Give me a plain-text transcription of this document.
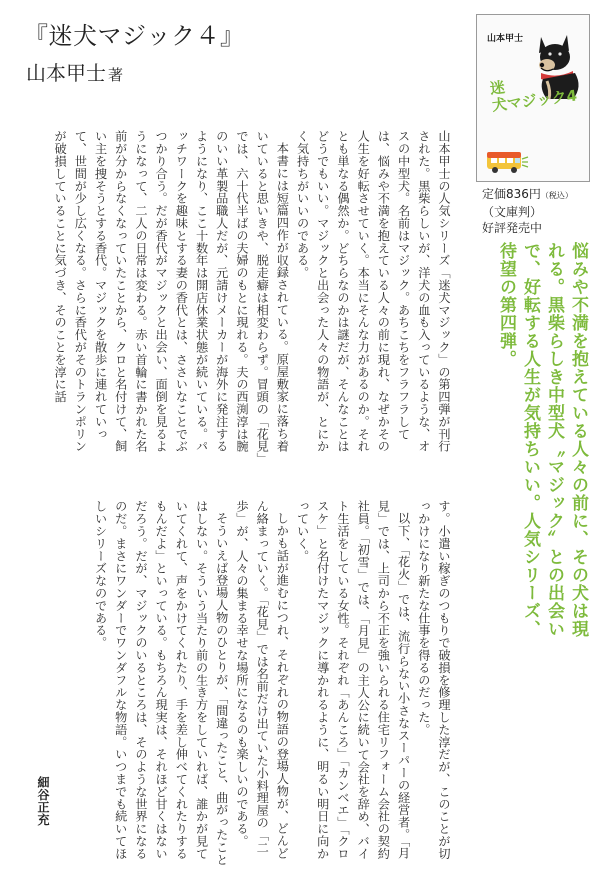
『迷犬マジック４』
山本甲士 著
山本甲士
迷
犬マジック4
定価836円（税込）
（文庫判）
好評発売中
悩みや不満を抱えている人々の前に、その犬は現れる。黒柴らしき中型犬〝マジック〟との出会いで、好転する人生が気持ちいい。人気シリーズ、待望の第四弾。

山本甲士の人気シリーズ「迷犬マジック」の第四弾が刊行された。黒柴らしいが、洋犬の血も入っているような、オスの中型犬。名前はマジック。あちこちをフラフラしては、悩みや不満を抱えている人々の前に現れ、なぜかその人生を好転させていく。本当にそんな力があるのか。それとも単なる偶然か。どちらなのかは謎だが、そんなことはどうでもいい。マジックと出会った人々の物語が、とにかく気持ちがいいのである。

本書には短篇四作が収録されている。原屋敷家に落ち着いていると思いきや、脱走癖は相変わらず。冒頭の「花見」では、六十代半ばの夫婦のもとに現れる。夫の西渕淳は腕のいい革製品職人だが、元請けメーカーが海外に発注するようになり、ここ十数年は開店休業状態が続いている。パッチワークを趣味とする妻の香代とは、ささいなことでぶつかり合う。だが香代がマジックと出会い、面倒を見るようになって、二人の日常は変わる。赤い首輪に書かれた名前が分からなくなっていたことから、クロと名付けて、飼い主を捜そうとする香代。マジックを散歩に連れていって、世間が少し広くなる。さらに香代がそのトランポリンが破損していることに気づき、そのことを淳に話

す。小遣い稼ぎのつもりで破損を修理した淳だが、このことが切っかけになり新たな仕事を得るのだった。

以下、「花火」では、流行らない小さなスーパーの経営者。「月見」では、上司から不正を強いられる住宅リフォーム会社の契約社員。「初雪」では、「月見」の主人公に続いて会社を辞め、バイト生活をしている女性。それぞれ「あんころ」「カンベエ」「クロスケ」と名付けたマジックに導かれるように、明るい明日に向かっていく。

しかも話が進むにつれ、それぞれの物語の登場人物が、どんどん絡まっていく。「花見」では名前だけ出ていた小料理屋の「二歩」が、人々の集まる幸せな場所になるのも楽しいのである。

そういえば登場人物のひとりが、「間違ったこと、曲がったことはしない。そういう当たり前の生き方をしていれば、誰かが見ていてくれて、声をかけてくれたり、手を差し伸べてくれたりするもんだよ」といっている。もちろん現実は、それほど甘くはないだろう。だが、マジックのいるところは、そのような世界になるのだ。まさにワンダーでワンダフルな物語。いつまでも続いてほしいシリーズなのである。

細谷正充
